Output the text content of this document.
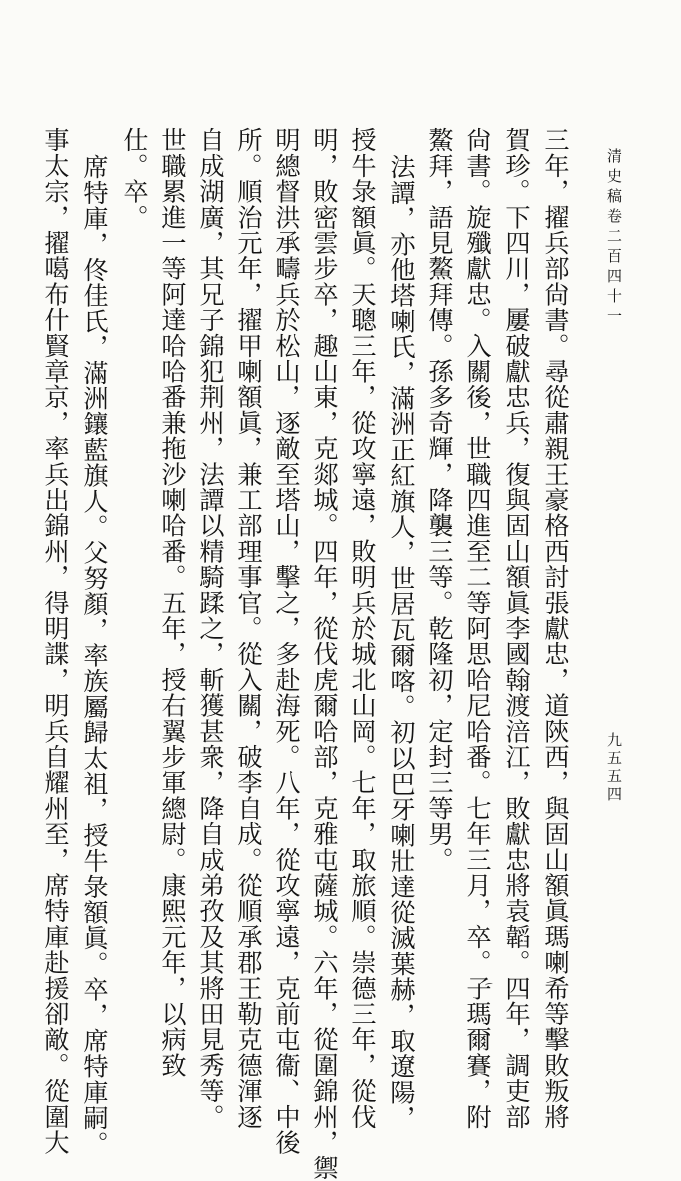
清史稿卷二百四十一
九五五四
三年，擢兵部尙書。尋從肅親王豪格西討張獻忠，道陝西，與固山額眞瑪喇希等擊敗叛將
賀珍。下四川，屢破獻忠兵，復與固山額眞李國翰渡涪江，敗獻忠將袁韜。四年，調吏部
尙書。旋殲獻忠。入關後，世職四進至二等阿思哈尼哈番。七年三月，卒。子瑪爾賽，附
鰲拜，語見鰲拜傳。孫多奇輝，降襲三等。乾隆初，定封三等男。
法譚，亦他塔喇氏，滿洲正紅旗人，世居瓦爾喀。初以巴牙喇壯達從滅葉赫，取遼陽，
授牛彔額眞。天聰三年，從攻寧遠，敗明兵於城北山岡。七年，取旅順。崇德三年，從伐
明，敗密雲步卒，趣山東，克郯城。四年，從伐虎爾哈部，克雅屯薩城。六年，從圍錦州，禦
明總督洪承疇兵於松山，逐敵至塔山，擊之，多赴海死。八年，從攻寧遠，克前屯衞、中後
所。順治元年，擢甲喇額眞，兼工部理事官。從入關，破李自成。從順承郡王勒克德渾逐
自成湖廣，其兄子錦犯荆州，法譚以精騎蹂之，斬獲甚衆，降自成弟孜及其將田見秀等。
世職累進一等阿達哈哈番兼拖沙喇哈番。五年，授右翼步軍總尉。康熙元年，以病致
仕。卒。
席特庫，佟佳氏，滿洲鑲藍旗人。父努顏，率族屬歸太祖，授牛彔額眞。卒，席特庫嗣。
事太宗，擢噶布什賢章京，率兵出錦州，得明諜，明兵自耀州至，席特庫赴援卻敵。從圍大
